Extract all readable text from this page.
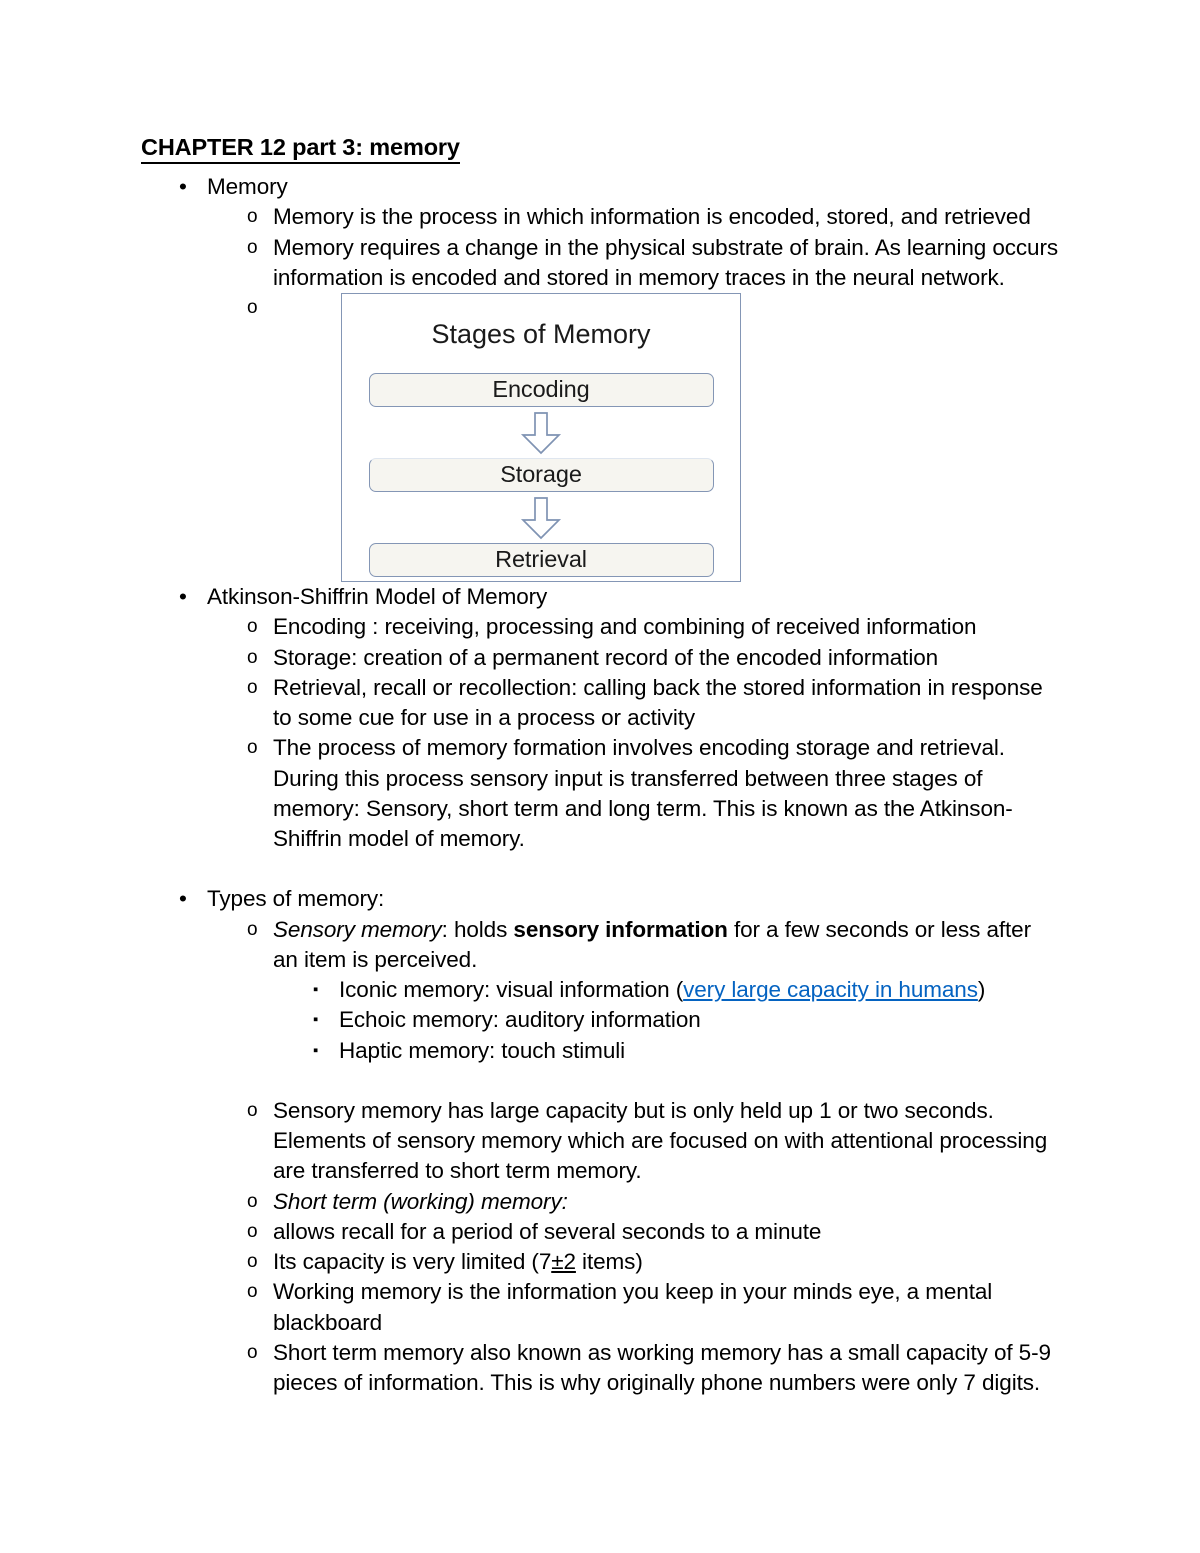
CHAPTER 12 part 3: memory
• Memory
o Memory is the process in which information is encoded, stored, and retrieved
o Memory requires a change in the physical substrate of brain. As learning occurs information is encoded and stored in memory traces in the neural network.
o
Stages of Memory
Encoding
Storage
Retrieval
• Atkinson-Shiffrin Model of Memory
o Encoding : receiving, processing and combining of received information
o Storage: creation of a permanent record of the encoded information
o Retrieval, recall or recollection: calling back the stored information in response to some cue for use in a process or activity
o The process of memory formation involves encoding storage and retrieval. During this process sensory input is transferred between three stages of memory: Sensory, short term and long term. This is known as the Atkinson-Shiffrin model of memory.
• Types of memory:
o Sensory memory: holds sensory information for a few seconds or less after an item is perceived.
▪ Iconic memory: visual information (very large capacity in humans)
▪ Echoic memory: auditory information
▪ Haptic memory: touch stimuli
o Sensory memory has large capacity but is only held up 1 or two seconds. Elements of sensory memory which are focused on with attentional processing are transferred to short term memory.
o Short term (working) memory:
o allows recall for a period of several seconds to a minute
o Its capacity is very limited (7±2 items)
o Working memory is the information you keep in your minds eye, a mental blackboard
o Short term memory also known as working memory has a small capacity of 5-9 pieces of information. This is why originally phone numbers were only 7 digits.
